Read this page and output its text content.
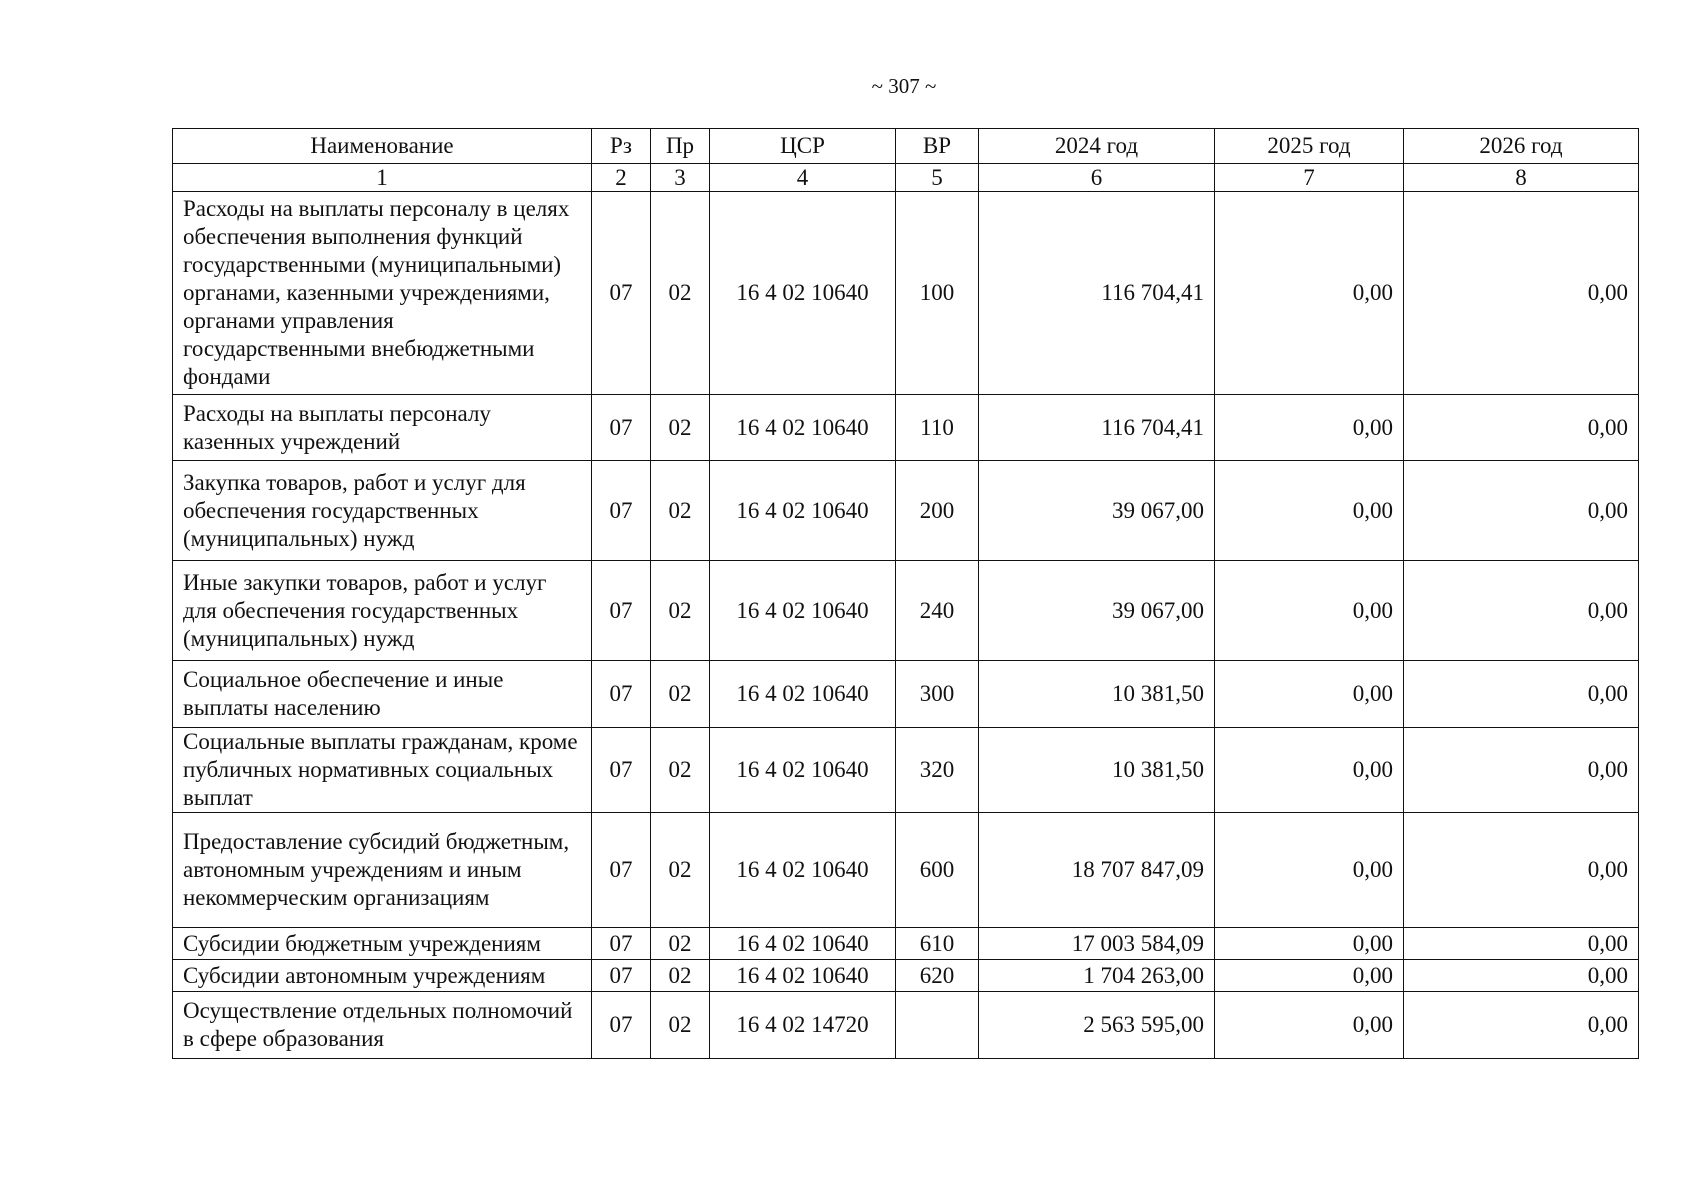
~ 307 ~
Наименование	Рз	Пр	ЦСР	ВР	2024 год	2025 год	2026 год
1	2	3	4	5	6	7	8
Расходы на выплаты персоналу в целях обеспечения выполнения функций государственными (муниципальными) органами, казенными учреждениями, органами управления государственными внебюджетными фондами	07	02	16 4 02 10640	100	116 704,41	0,00	0,00
Расходы на выплаты персоналу казенных учреждений	07	02	16 4 02 10640	110	116 704,41	0,00	0,00
Закупка товаров, работ и услуг для обеспечения государственных (муниципальных) нужд	07	02	16 4 02 10640	200	39 067,00	0,00	0,00
Иные закупки товаров, работ и услуг для обеспечения государственных (муниципальных) нужд	07	02	16 4 02 10640	240	39 067,00	0,00	0,00
Социальное обеспечение и иные выплаты населению	07	02	16 4 02 10640	300	10 381,50	0,00	0,00
Социальные выплаты гражданам, кроме публичных нормативных социальных выплат	07	02	16 4 02 10640	320	10 381,50	0,00	0,00
Предоставление субсидий бюджетным, автономным учреждениям и иным некоммерческим организациям	07	02	16 4 02 10640	600	18 707 847,09	0,00	0,00
Субсидии бюджетным учреждениям	07	02	16 4 02 10640	610	17 003 584,09	0,00	0,00
Субсидии автономным учреждениям	07	02	16 4 02 10640	620	1 704 263,00	0,00	0,00
Осуществление отдельных полномочий в сфере образования	07	02	16 4 02 14720		2 563 595,00	0,00	0,00
